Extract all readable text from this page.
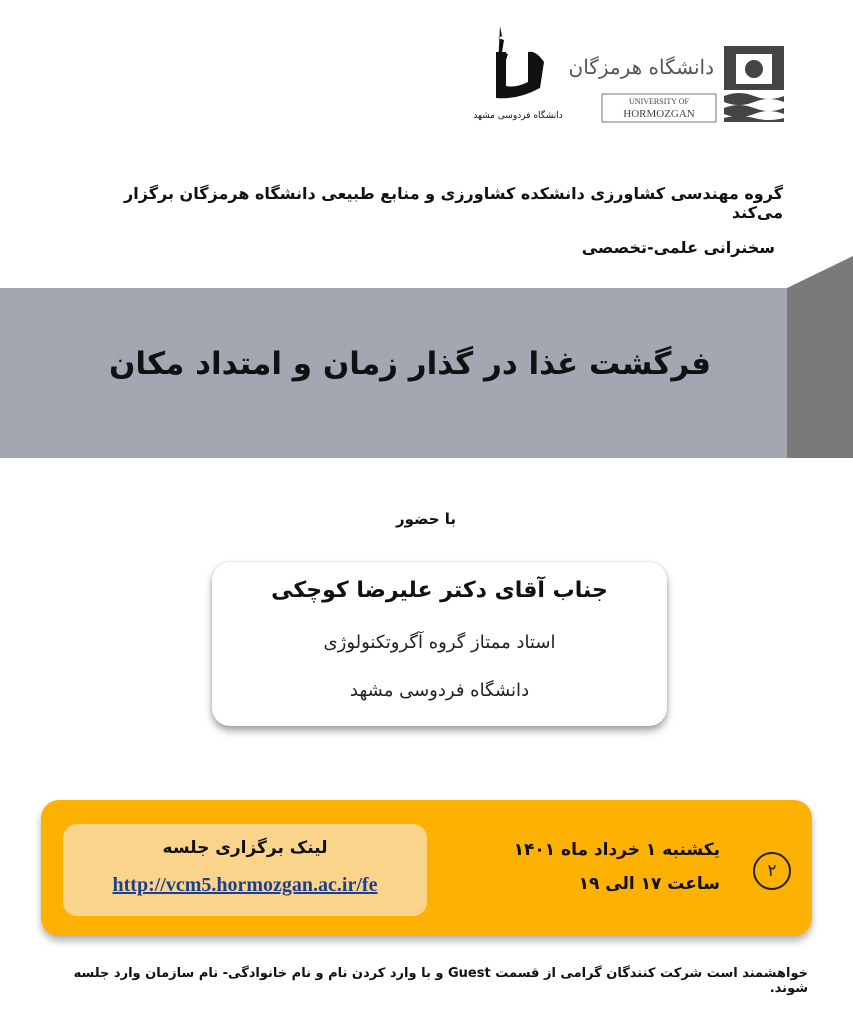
دانشگاه فردوسی مشهد
دانشگاه هرمزگان
UNIVERSITY OF
HORMOZGAN
گروه مهندسی کشاورزی دانشکده کشاورزی و منابع طبیعی دانشگاه هرمزگان برگزار می‌کند
سخنرانی علمی-تخصصی
فرگشت غذا در گذار زمان و امتداد مکان
با حضور
جناب آقای دکتر علیرضا کوچکی
استاد ممتاز گروه آگروتکنولوژی
دانشگاه فردوسی مشهد
لینک برگزاری جلسه
http://vcm5.hormozgan.ac.ir/fe
یکشنبه ۱ خرداد ماه ۱۴۰۱
ساعت ۱۷ الی ۱۹
۲
خواهشمند است شرکت کنندگان گرامی از قسمت Guest و با وارد کردن نام و نام خانوادگی- نام سازمان وارد جلسه شوند.
